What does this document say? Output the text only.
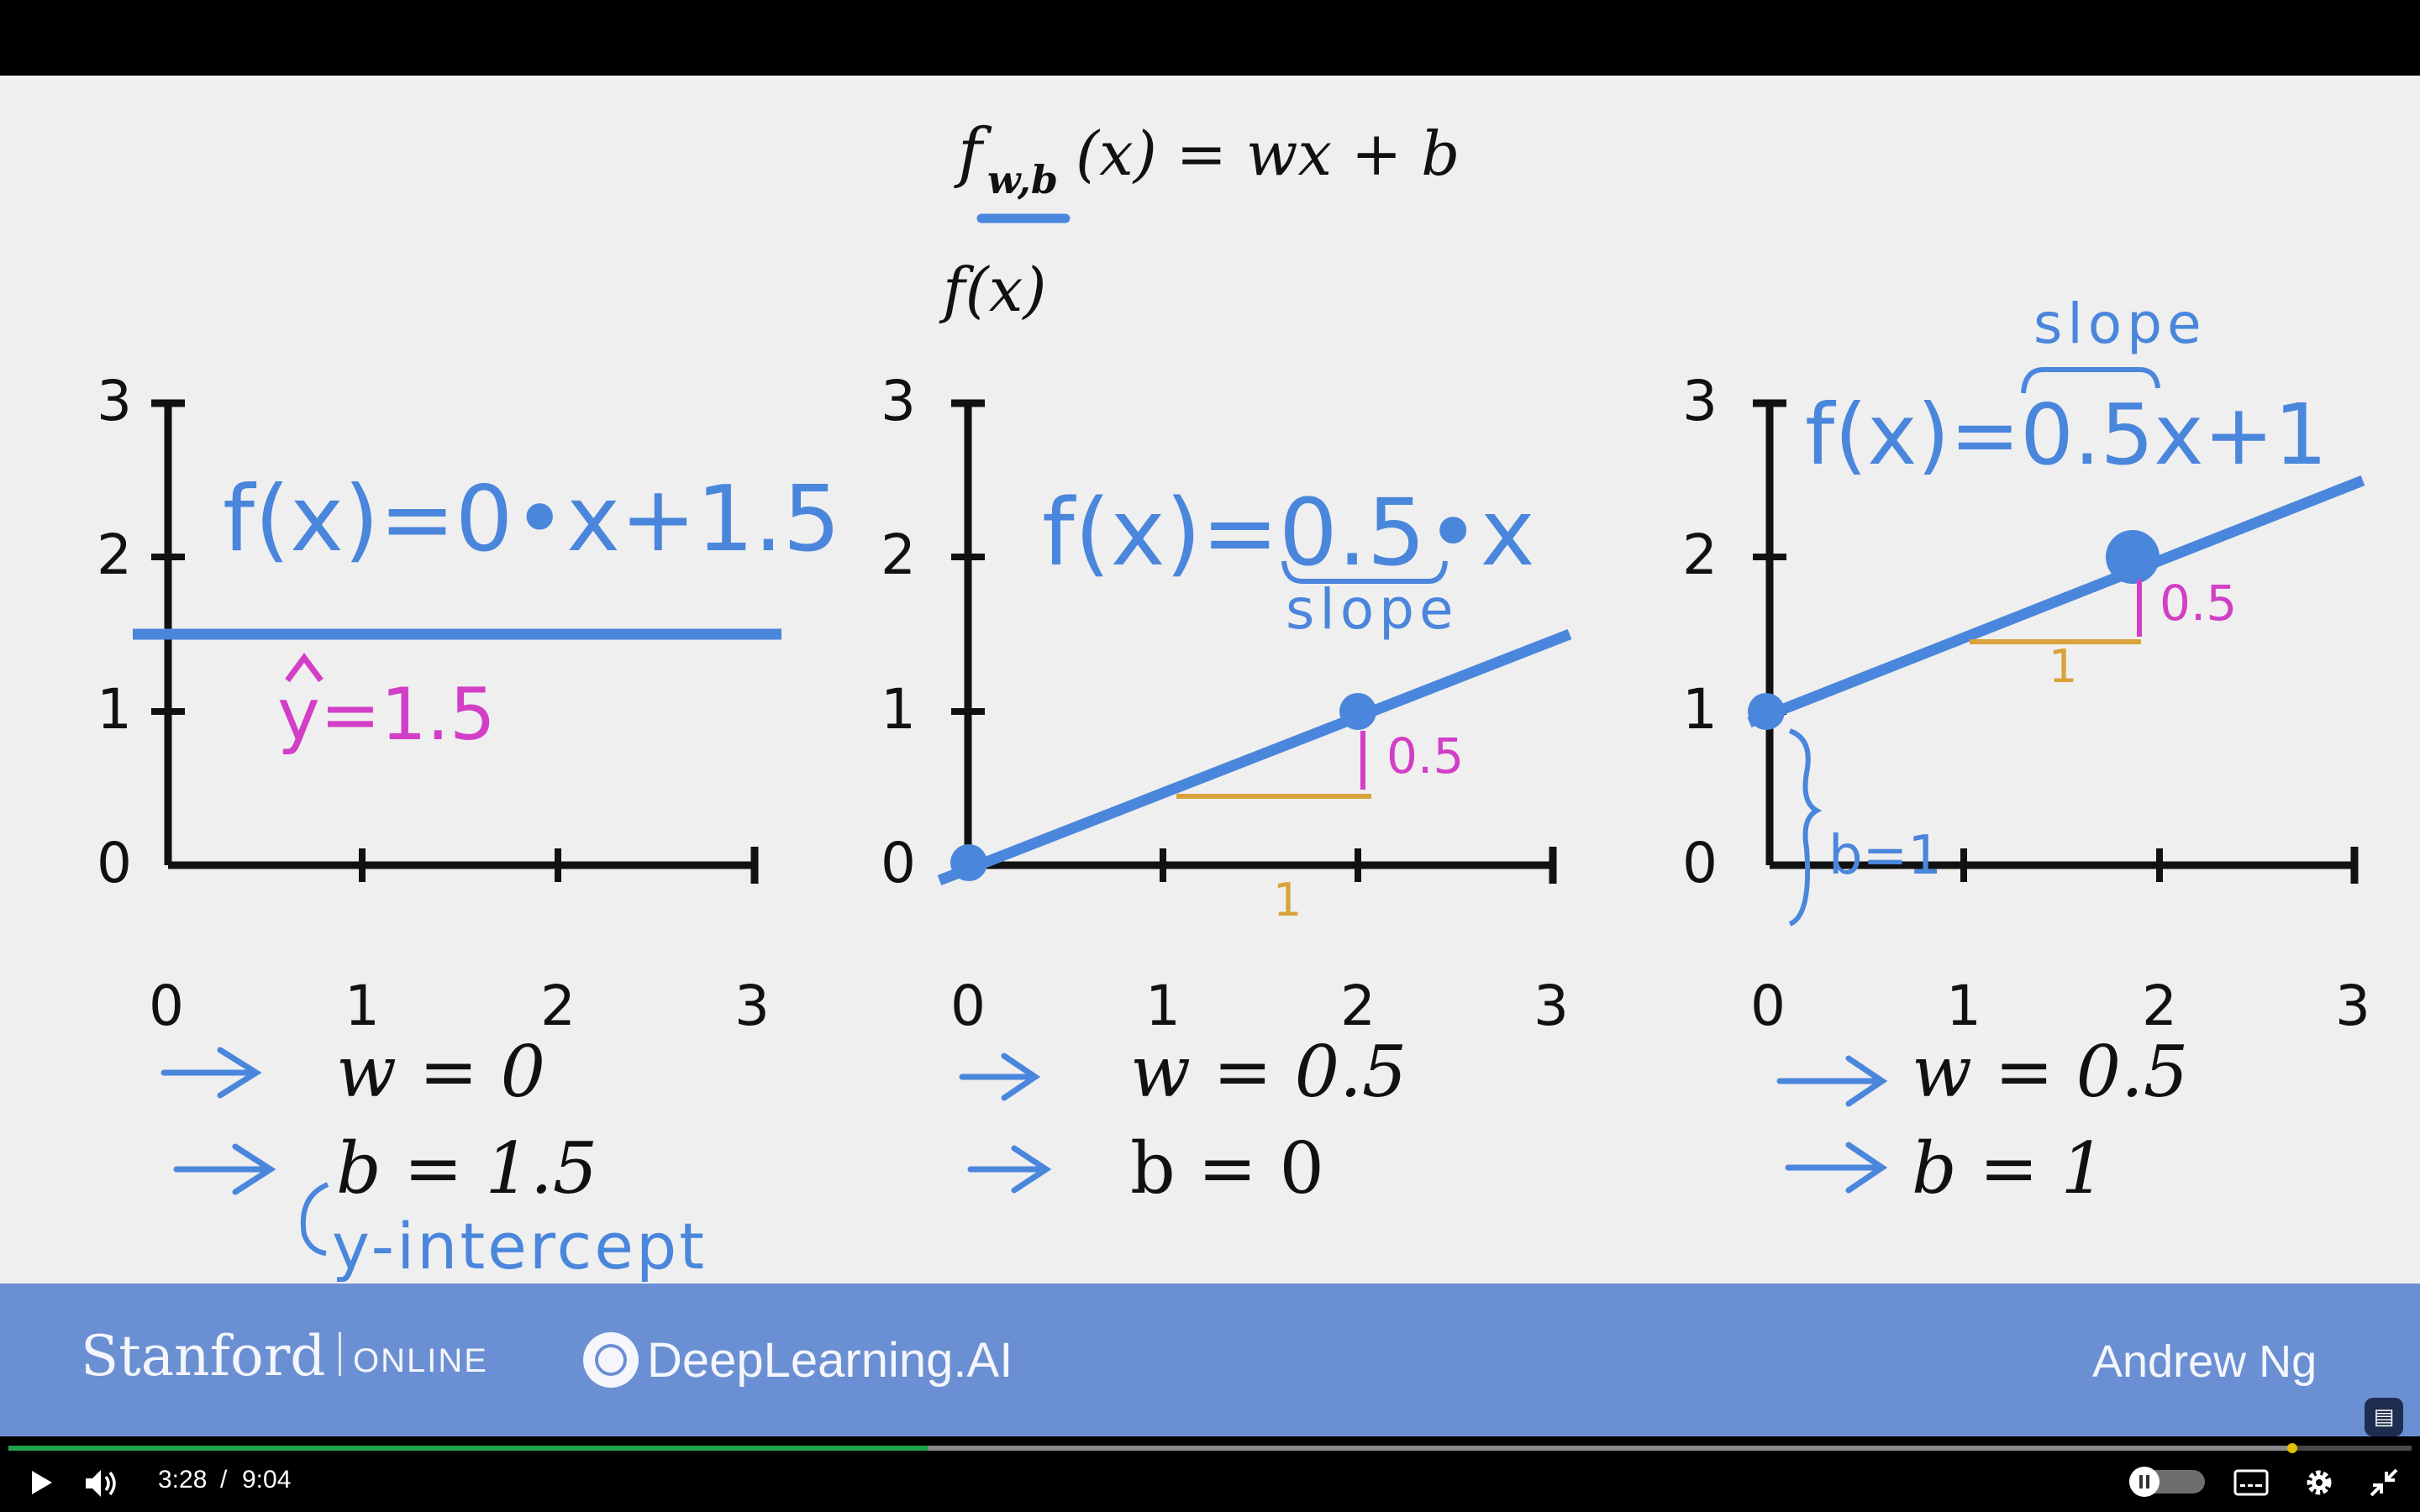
f w,b (x) = wx + b
f(x)
0
1
2
3
0	1	2	3
f(x)=0•x+1.5
y=1.5
0
1
2
3
0	1	2	3
1
0.5
f(x)=0.5•x
slope
0
1
2
3
0	1	2	3
1
0.5
f(x)=0.5x+1
slope
b=1
w = 0
b = 1.5
y-intercept
w = 0.5
b = 0
w = 0.5
b = 1
Stanford ONLINE	DeepLearning.AI	Andrew Ng
▤
3:28 / 9:04
